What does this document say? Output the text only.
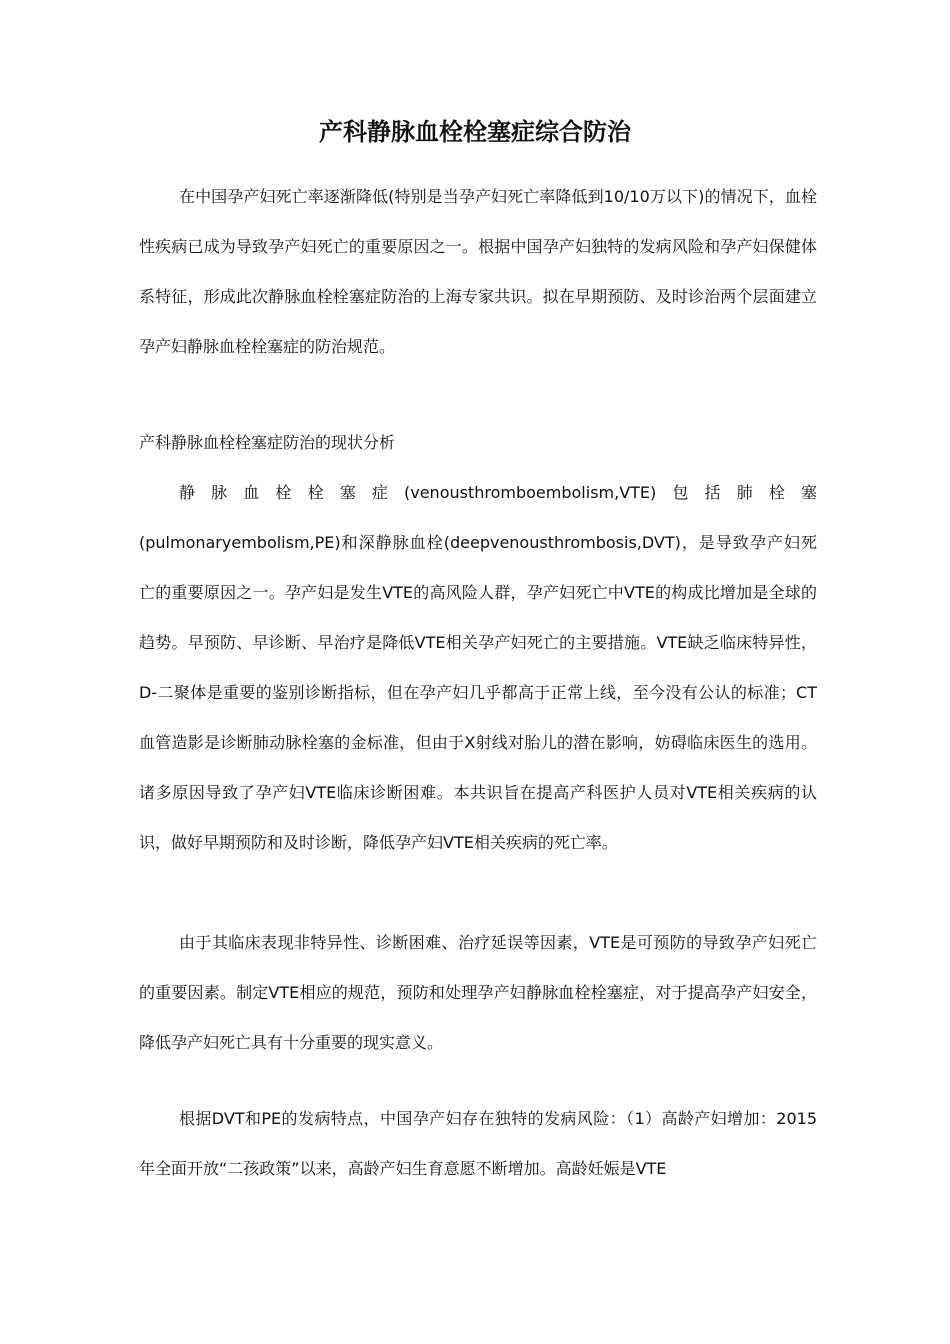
产科静脉血栓栓塞症综合防治

在中国孕产妇死亡率逐渐降低(特别是当孕产妇死亡率降低到10/10万以下)的情况下，血栓性疾病已成为导致孕产妇死亡的重要原因之一。根据中国孕产妇独特的发病风险和孕产妇保健体系特征，形成此次静脉血栓栓塞症防治的上海专家共识。拟在早期预防、及时诊治两个层面建立孕产妇静脉血栓栓塞症的防治规范。

产科静脉血栓栓塞症防治的现状分析

静脉血栓栓塞症(venousthromboembolism,VTE)包括肺栓塞(pulmonaryembolism,PE)和深静脉血栓(deepvenousthrombosis,DVT)，是导致孕产妇死亡的重要原因之一。孕产妇是发生VTE的高风险人群，孕产妇死亡中VTE的构成比增加是全球的趋势。早预防、早诊断、早治疗是降低VTE相关孕产妇死亡的主要措施。VTE缺乏临床特异性，D-二聚体是重要的鉴别诊断指标，但在孕产妇几乎都高于正常上线，至今没有公认的标准；CT血管造影是诊断肺动脉栓塞的金标准，但由于X射线对胎儿的潜在影响，妨碍临床医生的选用。诸多原因导致了孕产妇VTE临床诊断困难。本共识旨在提高产科医护人员对VTE相关疾病的认识，做好早期预防和及时诊断，降低孕产妇VTE相关疾病的死亡率。

由于其临床表现非特异性、诊断困难、治疗延误等因素，VTE是可预防的导致孕产妇死亡的重要因素。制定VTE相应的规范，预防和处理孕产妇静脉血栓栓塞症，对于提高孕产妇安全，降低孕产妇死亡具有十分重要的现实意义。

根据DVT和PE的发病特点，中国孕产妇存在独特的发病风险：（1）高龄产妇增加：2015年全面开放“二孩政策”以来，高龄产妇生育意愿不断增加。高龄妊娠是VTE
